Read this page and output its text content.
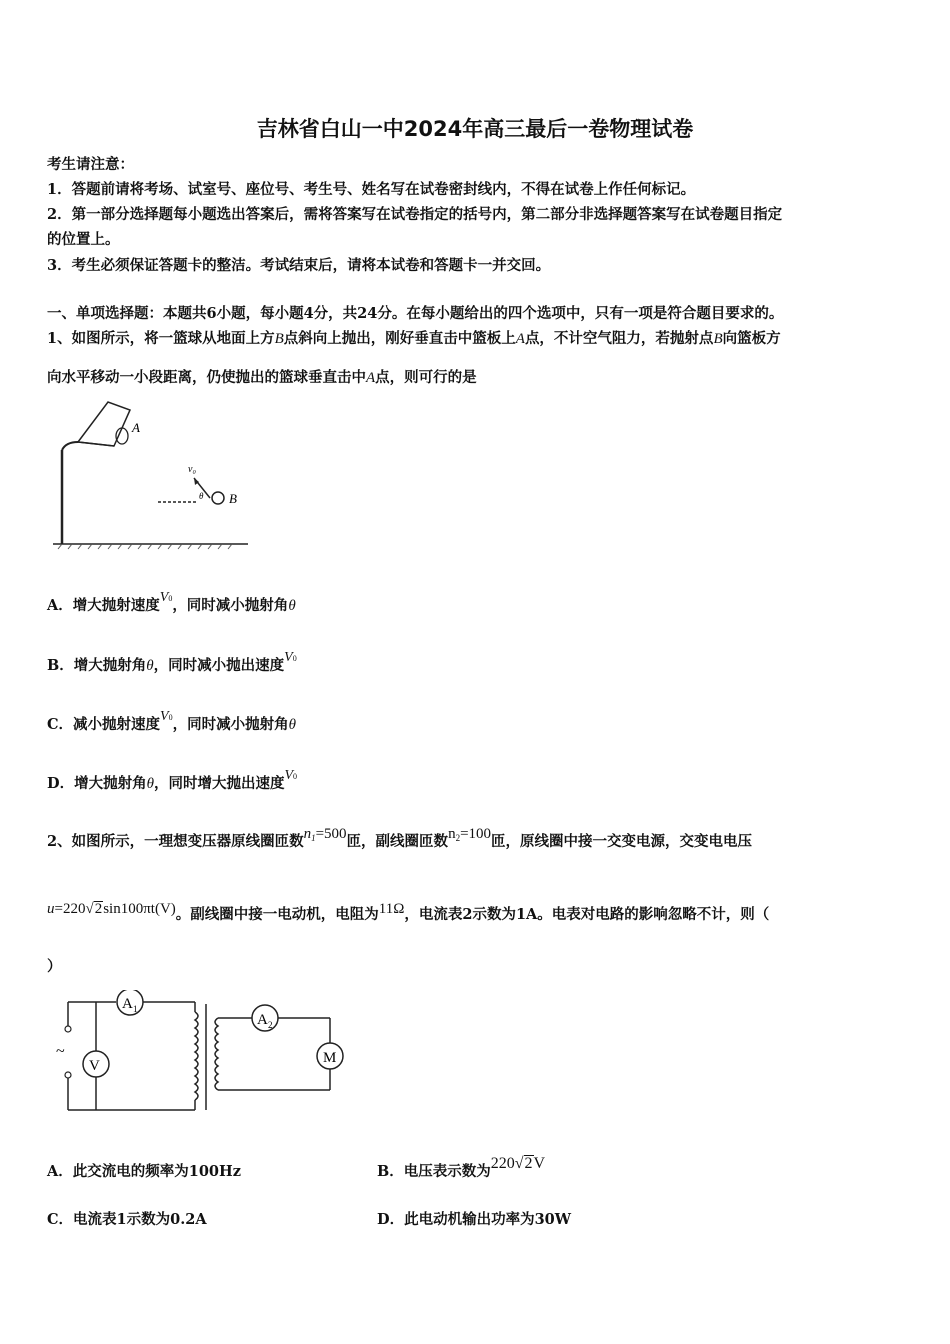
吉林省白山一中2024年高三最后一卷物理试卷
考生请注意：
1．答题前请将考场、试室号、座位号、考生号、姓名写在试卷密封线内，不得在试卷上作任何标记。
2．第一部分选择题每小题选出答案后，需将答案写在试卷指定的括号内，第二部分非选择题答案写在试卷题目指定
的位置上。
3．考生必须保证答题卡的整洁。考试结束后，请将本试卷和答题卡一并交回。
一、单项选择题：本题共6小题，每小题4分，共24分。在每小题给出的四个选项中，只有一项是符合题目要求的。
1、如图所示，将一篮球从地面上方B点斜向上抛出，刚好垂直击中篮板上A点，不计空气阻力，若抛射点B向篮板方
向水平移动一小段距离，仍使抛出的篮球垂直击中A点，则可行的是
A
v₀
θ B
A．增大抛射速度V0，同时减小抛射角θ
B．增大抛射角θ，同时减小抛出速度V0
C．减小抛射速度V0，同时减小抛射角θ
D．增大抛射角θ，同时增大抛出速度V0
2、如图所示，一理想变压器原线圈匝数$n_1=500$匝，副线圈匝数$n_2=100$匝，原线圈中接一交变电源，交变电电压
u=220√2sin100πt(V)。副线圈中接一电动机，电阻为11Ω，电流表2示数为1A。电表对电路的影响忽略不计，则（
）
~
A 1
V
A 2
M
A．此交流电的频率为100Hz	B．电压表示数为220√2V
C．电流表1示数为0.2A	D．此电动机输出功率为30W
